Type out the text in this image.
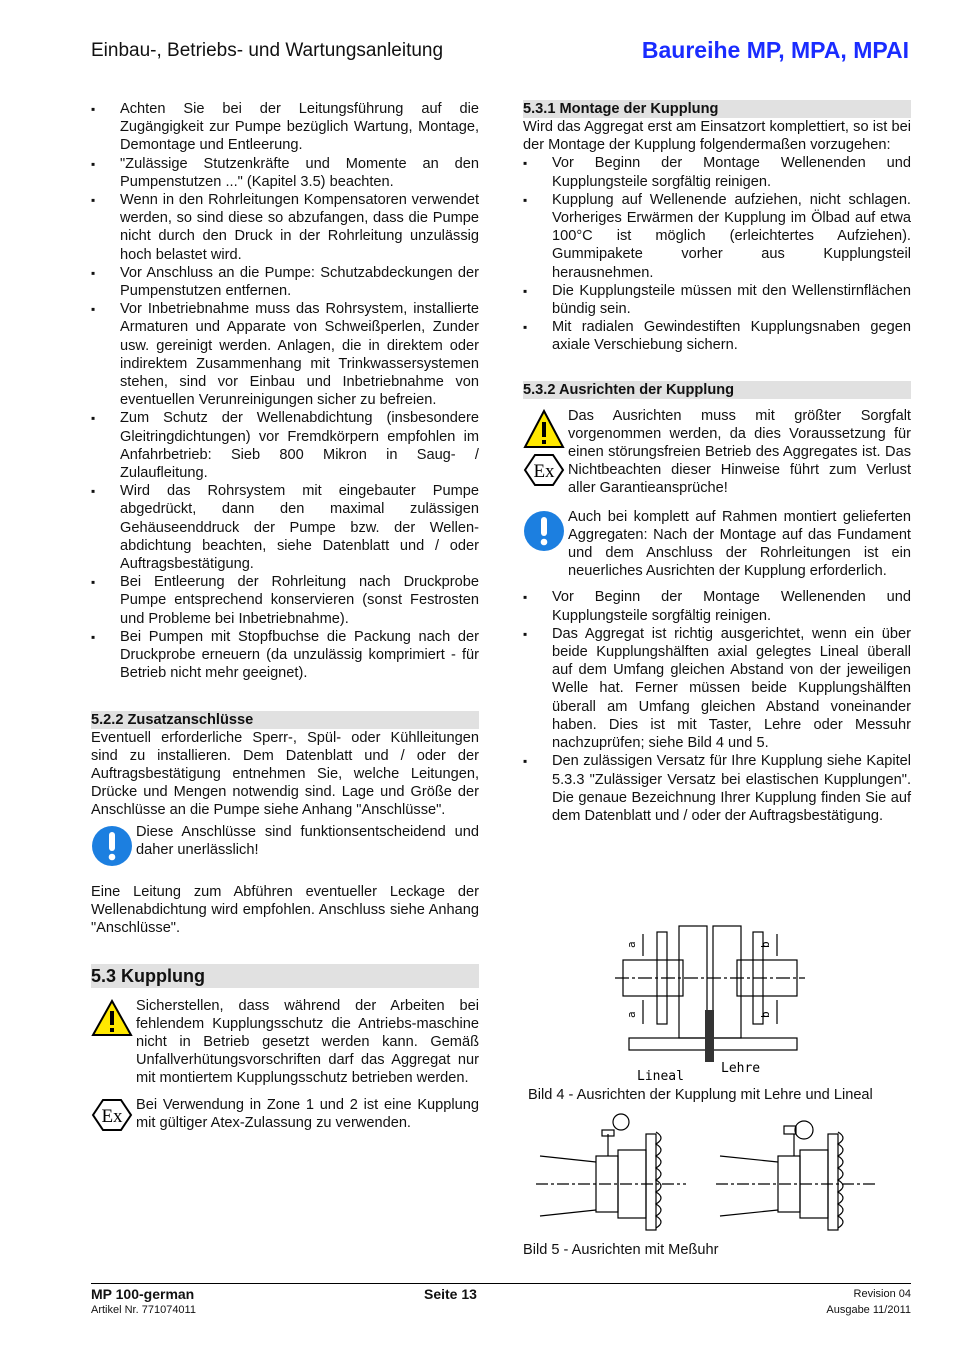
Einbau-, Betriebs- und Wartungsanleitung	Baureihe MP, MPA, MPAI
▪ Achten Sie bei der Leitungsführung auf die Zugängigkeit zur Pumpe bezüglich Wartung, Montage, Demontage und Entleerung.
▪ "Zulässige Stutzenkräfte und Momente an den Pumpenstutzen ..." (Kapitel 3.5) beachten.
▪ Wenn in den Rohrleitungen Kompensatoren verwendet werden, so sind diese so abzufangen, dass die Pumpe nicht durch den Druck in der Rohrleitung unzulässig hoch belastet wird.
▪ Vor Anschluss an die Pumpe: Schutzabdeckungen der Pumpenstutzen entfernen.
▪ Vor Inbetriebnahme muss das Rohrsystem, installierte Armaturen und Apparate von Schweißperlen, Zunder usw. gereinigt werden. Anlagen, die in direktem oder indirektem Zusammenhang mit Trinkwassersystemen stehen, sind vor Einbau und Inbetriebnahme von eventuellen Verunreinigungen sicher zu befreien.
▪ Zum Schutz der Wellenabdichtung (insbesondere Gleitringdichtungen) vor Fremdkörpern empfohlen im Anfahrbetrieb: Sieb 800 Mikron in Saug- / Zulaufleitung.
▪ Wird das Rohrsystem mit eingebauter Pumpe abgedrückt, dann den maximal zulässigen Gehäuseenddruck der Pumpe bzw. der Wellen-abdichtung beachten, siehe Datenblatt und / oder Auftragsbestätigung.
▪ Bei Entleerung der Rohrleitung nach Druckprobe Pumpe entsprechend konservieren (sonst Festrosten und Probleme bei Inbetriebnahme).
▪ Bei Pumpen mit Stopfbuchse die Packung nach der Druckprobe erneuern (da unzulässig komprimiert - für Betrieb nicht mehr geeignet).
5.2.2 Zusatzanschlüsse

Eventuell erforderliche Sperr-, Spül- oder Kühlleitungen sind zu installieren. Dem Datenblatt und / oder der Auftragsbestätigung entnehmen Sie, welche Leitungen, Drücke und Mengen notwendig sind. Lage und Größe der Anschlüsse an die Pumpe siehe Anhang "Anschlüsse".

Diese Anschlüsse sind funktionsentscheidend und daher unerlässlich!

Eine Leitung zum Abführen eventueller Leckage der Wellenabdichtung wird empfohlen. Anschluss siehe Anhang "Anschlüsse".

5.3 Kupplung
Sicherstellen, dass während der Arbeiten bei fehlendem Kupplungsschutz die Antriebs-maschine nicht in Betrieb gesetzt werden kann. Gemäß Unfallverhütungsvorschriften darf das Aggregat nur mit montiertem Kupplungsschutz betrieben werden.
Ex
Bei Verwendung in Zone 1 und 2 ist eine Kupplung mit gültiger Atex-Zulassung zu verwenden.
5.3.1 Montage der Kupplung

Wird das Aggregat erst am Einsatzort komplettiert, so ist bei der Montage der Kupplung folgendermaßen vorzugehen:

▪ Vor Beginn der Montage Wellenenden und Kupplungsteile sorgfältig reinigen.
▪ Kupplung auf Wellenende aufziehen, nicht schlagen. Vorheriges Erwärmen der Kupplung im Ölbad auf etwa 100°C ist möglich (erleichtertes Aufziehen). Gummipakete vorher aus Kupplungsteil herausnehmen.
▪ Die Kupplungsteile müssen mit den Wellenstirnflächen bündig sein.
▪ Mit radialen Gewindestiften Kupplungsnaben gegen axiale Verschiebung sichern.
5.3.2 Ausrichten der Kupplung
Ex
Das Ausrichten muss mit größter Sorgfalt vorgenommen werden, da dies Voraussetzung für einen störungsfreien Betrieb des Aggregates ist. Das Nichtbeachten dieser Hinweise führt zum Verlust aller Garantieansprüche!
Auch bei komplett auf Rahmen montiert gelieferten Aggregaten: Nach der Montage auf das Fundament und dem Anschluss der Rohrleitungen ist ein neuerliches Ausrichten der Kupplung erforderlich.
▪ Vor Beginn der Montage Wellenenden und Kupplungsteile sorgfältig reinigen.
▪ Das Aggregat ist richtig ausgerichtet, wenn ein über beide Kupplungshälften axial gelegtes Lineal überall auf dem Umfang gleichen Abstand von der jeweiligen Welle hat. Ferner müssen beide Kupplungshälften überall am Umfang gleichen Abstand voneinander haben. Dies ist mit Taster, Lehre oder Messuhr nachzuprüfen; siehe Bild 4 und 5.
▪ Den zulässigen Versatz für Ihre Kupplung siehe Kapitel 5.3.3 "Zulässiger Versatz bei elastischen Kupplungen". Die genaue Bezeichnung Ihrer Kupplung finden Sie auf dem Datenblatt und / oder der Auftragsbestätigung.
a
a
b
b
Lineal
Lehre
Bild 4 - Ausrichten der Kupplung mit Lehre und Lineal
Bild 5 - Ausrichten mit Meßuhr
MP 100-german
Artikel Nr. 771074011
Seite 13	Revision 04
Ausgabe 11/2011
